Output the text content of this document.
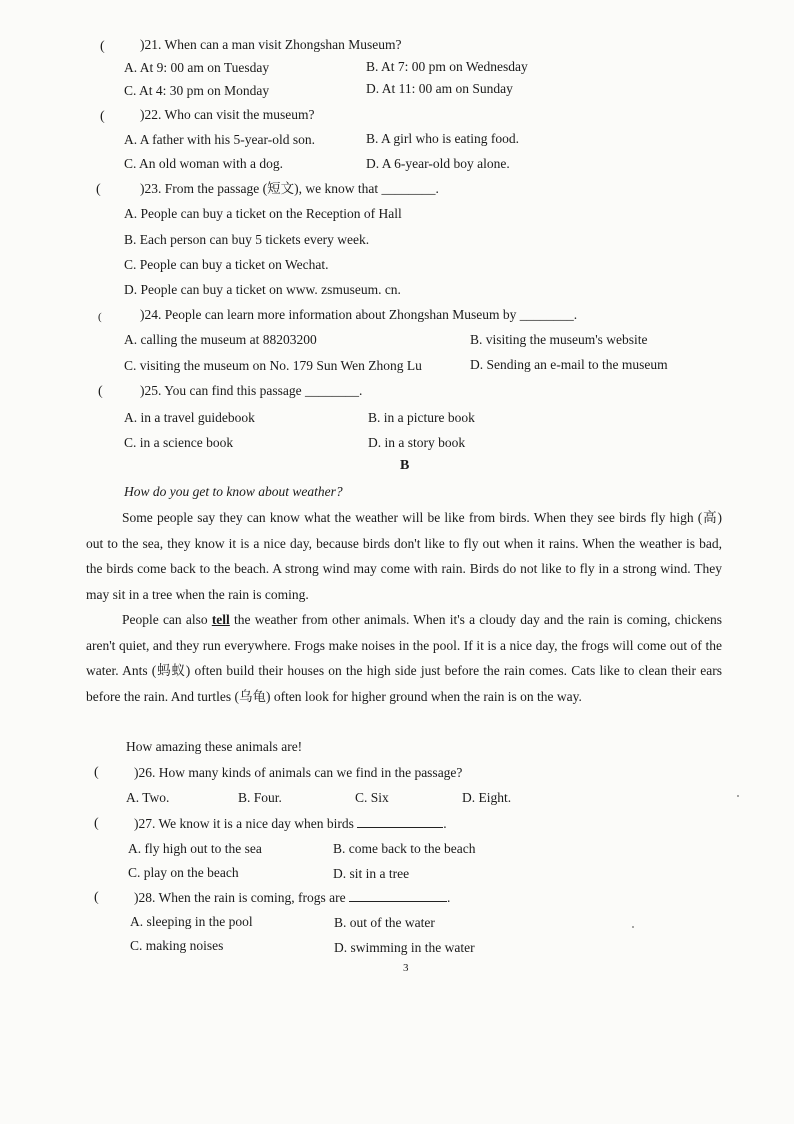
(	)21. When can a man visit Zhongshan Museum?
A. At 9: 00 am on Tuesday	B. At 7: 00 pm on Wednesday
C. At 4: 30 pm on Monday	D. At 11: 00 am on Sunday
(	)22. Who can visit the museum?
A. A father with his 5-year-old son.	B. A girl who is eating food.
C. An old woman with a dog.	D. A 6-year-old boy alone.
(	)23. From the passage (短文), we know that ________.
A. People can buy a ticket on the Reception of Hall
B. Each person can buy 5 tickets every week.
C. People can buy a ticket on Wechat.
D. People can buy a ticket on www. zsmuseum. cn.
(	)24. People can learn more information about Zhongshan Museum by ________.
A. calling the museum at 88203200	B. visiting the museum's website
C. visiting the museum on No. 179 Sun Wen Zhong Lu	D. Sending an e-mail to the museum
(	)25. You can find this passage ________.
A. in a travel guidebook	B. in a picture book
C. in a science book	D. in a story book
B
How do you get to know about weather?
Some people say they can know what the weather will be like from birds. When they see birds fly high (高) out to the sea, they know it is a nice day, because birds don't like to fly out when it rains. When the weather is bad, the birds come back to the beach. A strong wind may come with rain. Birds do not like to fly in a strong wind. They may sit in a tree when the rain is coming.
People can also tell the weather from other animals. When it's a cloudy day and the rain is coming, chickens aren't quiet, and they run everywhere. Frogs make noises in the pool. If it is a nice day, the frogs will come out of the water. Ants (蚂蚁) often build their houses on the high side just before the rain comes. Cats like to clean their ears before the rain. And turtles (乌龟) often look for higher ground when the rain is on the way.
How amazing these animals are!
(	)26. How many kinds of animals can we find in the passage?
A. Two.	B. Four.	C. Six	D. Eight.
(	)27. We know it is a nice day when birds	.
A. fly high out to the sea	B. come back to the beach
C. play on the beach	D. sit in a tree
(	)28. When the rain is coming, frogs are	.
A. sleeping in the pool	B. out of the water
C. making noises	D. swimming in the water
3
